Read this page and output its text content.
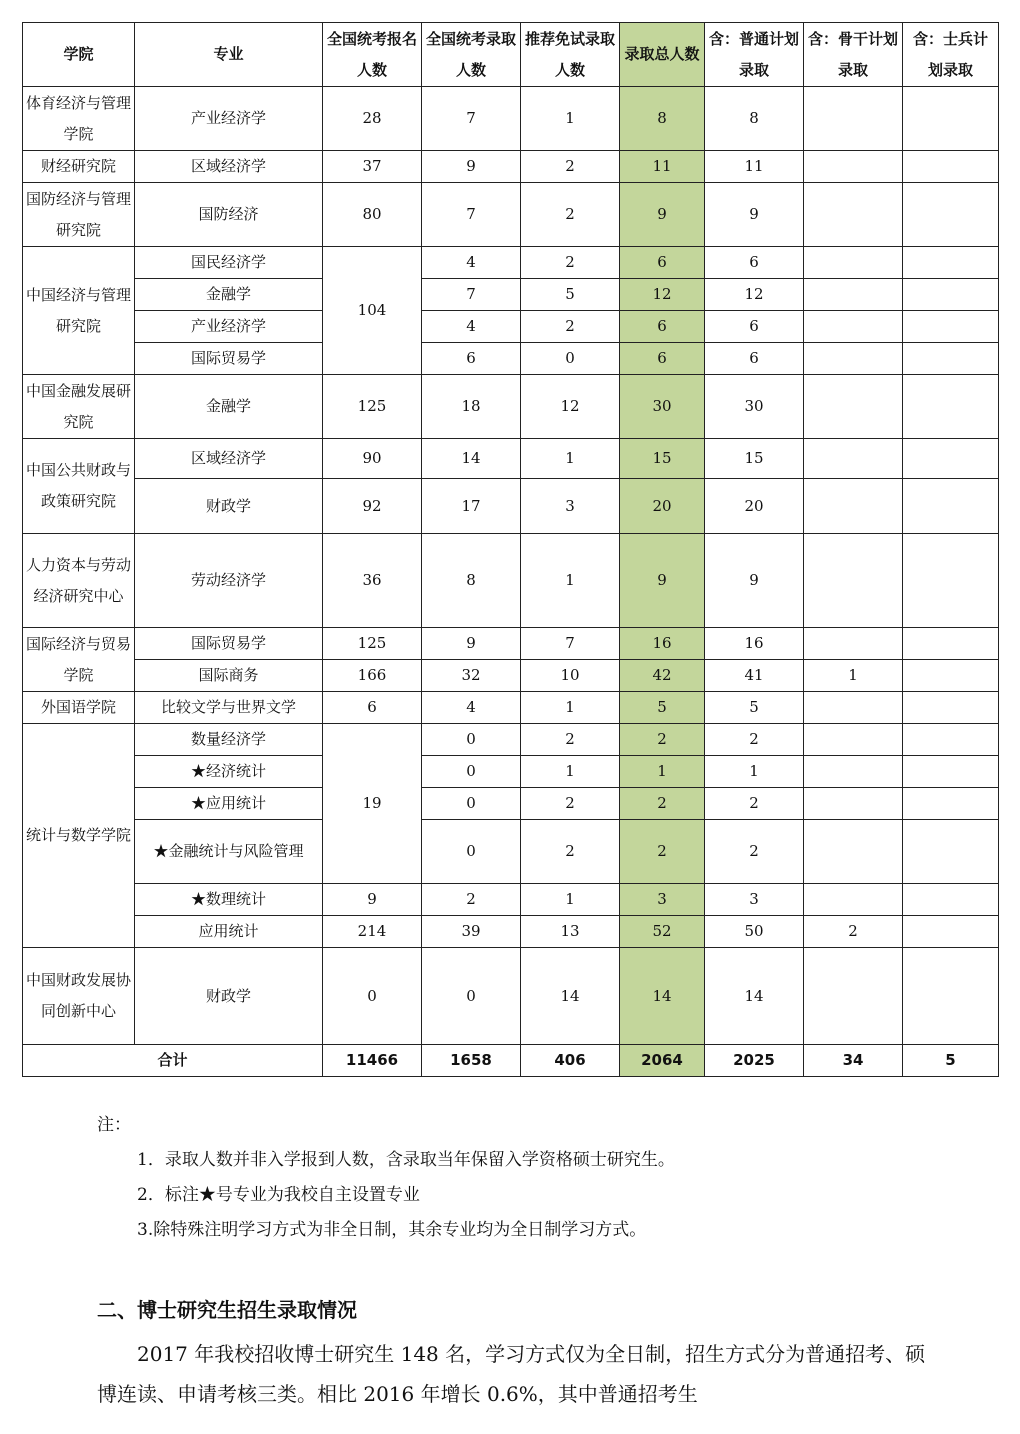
学院	专业	全国统考报名人数	全国统考录取人数	推荐免试录取人数	录取总人数	含：普通计划录取	含：骨干计划录取	含：士兵计划录取
体育经济与管理学院	产业经济学	28	7	1	8	8		
财经研究院	区域经济学	37	9	2	11	11		
国防经济与管理研究院	国防经济	80	7	2	9	9		
中国经济与管理研究院	国民经济学	104	4	2	6	6		
	金融学		7	5	12	12		
	产业经济学		4	2	6	6		
	国际贸易学		6	0	6	6		
中国金融发展研究院	金融学	125	18	12	30	30		
中国公共财政与政策研究院	区域经济学	90	14	1	15	15		
	财政学	92	17	3	20	20		
人力资本与劳动经济研究中心	劳动经济学	36	8	1	9	9		
国际经济与贸易学院	国际贸易学	125	9	7	16	16		
	国际商务	166	32	10	42	41	1	
外国语学院	比较文学与世界文学	6	4	1	5	5		
统计与数学学院	数量经济学	19	0	2	2	2		
	★经济统计		0	1	1	1		
	★应用统计		0	2	2	2		
	★金融统计与风险管理		0	2	2	2		
	★数理统计	9	2	1	3	3		
	应用统计	214	39	13	52	50	2	
中国财政发展协同创新中心	财政学	0	0	14	14	14		
合计		11466	1658	406	2064	2025	34	5

注：

1．录取人数并非入学报到人数，含录取当年保留入学资格硕士研究生。

2．标注★号专业为我校自主设置专业

3.除特殊注明学习方式为非全日制，其余专业均为全日制学习方式。

二、博士研究生招生录取情况

2017 年我校招收博士研究生 148 名，学习方式仅为全日制，招生方式分为普通招考、硕博连读、申请考核三类。相比 2016 年增长 0.6%，其中普通招考生
